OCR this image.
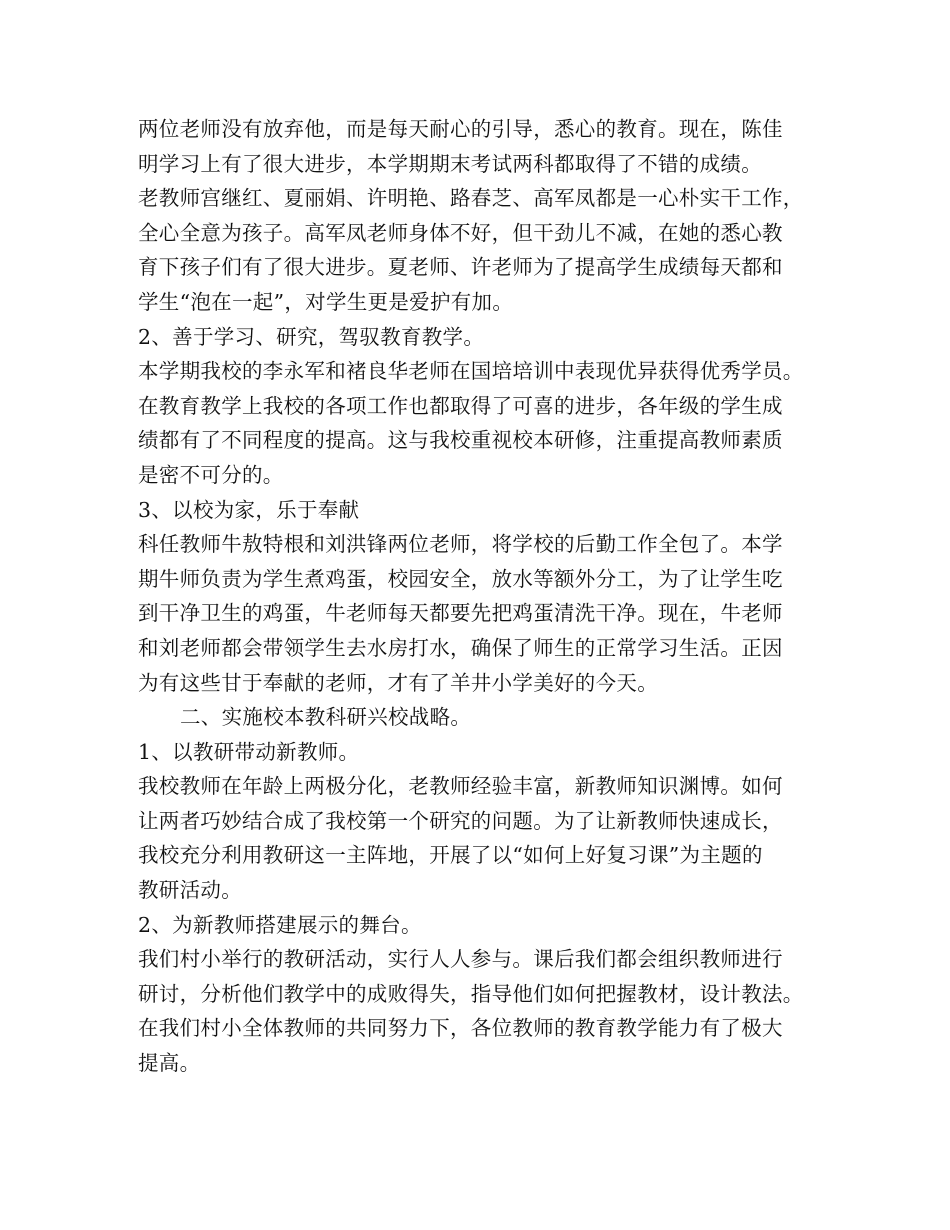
两位老师没有放弃他，而是每天耐心的引导，悉心的教育。现在，陈佳
明学习上有了很大进步，本学期期末考试两科都取得了不错的成绩。
老教师宫继红、夏丽娟、许明艳、路春芝、高军凤都是一心朴实干工作，
全心全意为孩子。高军凤老师身体不好，但干劲儿不减，在她的悉心教
育下孩子们有了很大进步。夏老师、许老师为了提高学生成绩每天都和
学生“泡在一起”，对学生更是爱护有加。
2、善于学习、研究，驾驭教育教学。
本学期我校的李永军和褚良华老师在国培培训中表现优异获得优秀学员。
在教育教学上我校的各项工作也都取得了可喜的进步，各年级的学生成
绩都有了不同程度的提高。这与我校重视校本研修，注重提高教师素质
是密不可分的。
3、以校为家，乐于奉献
科任教师牛敖特根和刘洪锋两位老师，将学校的后勤工作全包了。本学
期牛师负责为学生煮鸡蛋，校园安全，放水等额外分工，为了让学生吃
到干净卫生的鸡蛋，牛老师每天都要先把鸡蛋清洗干净。现在，牛老师
和刘老师都会带领学生去水房打水，确保了师生的正常学习生活。正因
为有这些甘于奉献的老师，才有了羊井小学美好的今天。
二、实施校本教科研兴校战略。
1、以教研带动新教师。
我校教师在年龄上两极分化，老教师经验丰富，新教师知识渊博。如何
让两者巧妙结合成了我校第一个研究的问题。为了让新教师快速成长，
我校充分利用教研这一主阵地，开展了以“如何上好复习课”为主题的
教研活动。
2、为新教师搭建展示的舞台。
我们村小举行的教研活动，实行人人参与。课后我们都会组织教师进行
研讨，分析他们教学中的成败得失，指导他们如何把握教材，设计教法。
在我们村小全体教师的共同努力下，各位教师的教育教学能力有了极大
提高。
